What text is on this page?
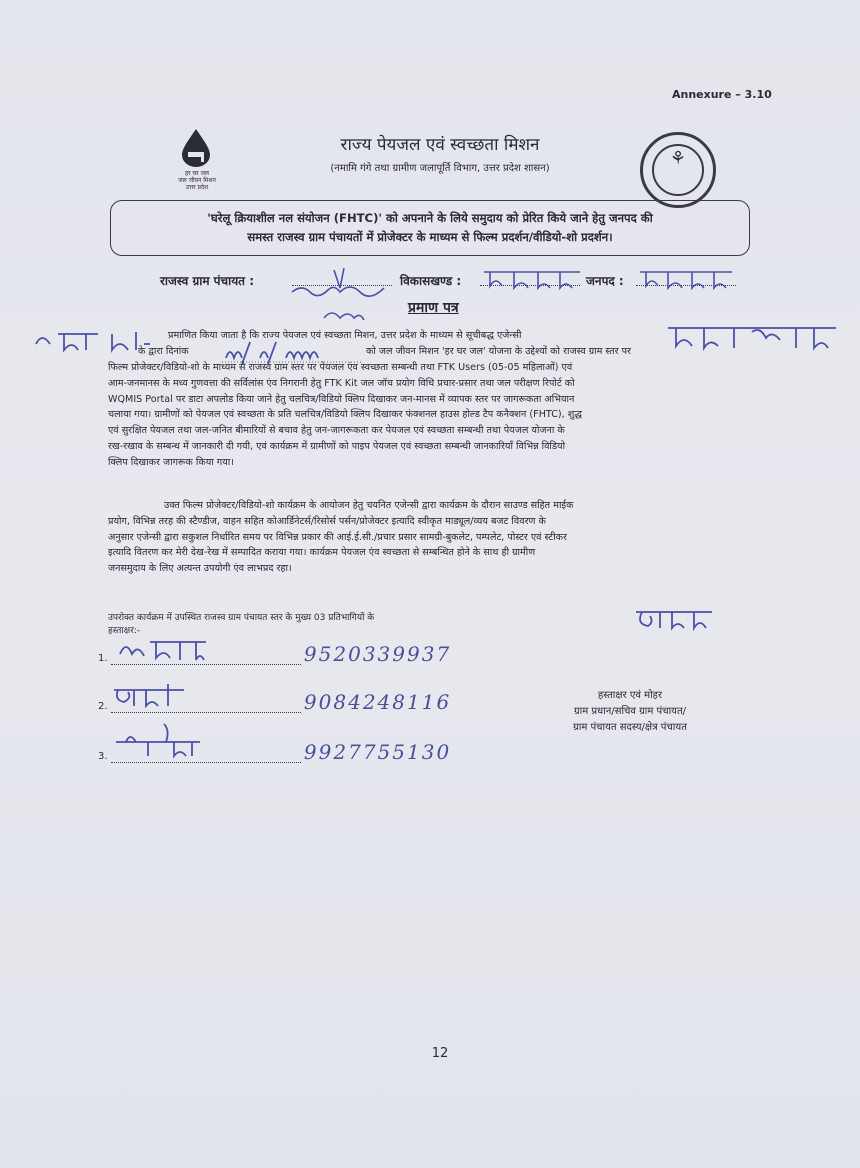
Annexure – 3.10
हर घर जल
जल जीवन मिशन
उत्तर प्रदेश
राज्य पेयजल एवं स्वच्छता मिशन
(नमामि गंगे तथा ग्रामीण जलापूर्ति विभाग, उत्तर प्रदेश शासन)	⚘
'घरेलू क्रियाशील नल संयोजन (FHTC)' को अपनाने के लिये समुदाय को प्रेरित किये जाने हेतु जनपद की
समस्त राजस्व ग्राम पंचायतों में प्रोजेक्टर के माध्यम से फिल्म प्रदर्शन/वीडियो-शो प्रदर्शन।
राजस्व ग्राम पंचायत :	विकासखण्ड :	जनपद :
प्रमाण पत्र
प्रमाणित किया जाता है कि राज्य पेयजल एवं स्वच्छता मिशन, उत्तर प्रदेश के माध्यम से सूचीबद्ध एजेन्सी
के द्वारा दिनांक	को जल जीवन मिशन 'हर घर जल' योजना के उद्देश्यों को राजस्व ग्राम स्तर पर
फिल्म प्रोजेक्टर/विडियो-शो के माध्यम से राजस्व ग्राम स्तर पर पेयजल एंव स्वच्छता सम्बन्धी तथा FTK Users (05-05 महिलाओं) एवं
आम-जनमानस के मध्य गुणवत्ता की सर्विलांस एंव निगरानी हेतु FTK Kit जल जॉच प्रयोग विधि प्रचार-प्रसार तथा जल परीक्षण रिपोर्ट को
WQMIS Portal पर डाटा अपलोड किया जाने हेतु चलचित्र/विडियो क्लिप दिखाकर जन-मानस में व्यापक स्तर पर जागरूकता अभियान
चलाया गया। ग्रामीणों को पेयजल एवं स्वच्छता के प्रति चलचित्र/विडियो क्लिप दिखाकर फंक्शनल हाउस होल्ड टैप कनैक्शन (FHTC), शुद्ध
एवं सुरक्षित पेयजल तथा जल-जनित बीमारियों से बचाव हेतु जन-जागरूकता कर पेयजल एवं स्वच्छता सम्बन्धी तथा पेयजल योजना के
रख-रखाव के सम्बन्ध में जानकारी दी गयी, एवं कार्यक्रम में ग्रामीणों को पाइप पेयजल एवं स्वच्छता सम्बन्धी जानकारियाँ विभिन्न विडियो
क्लिप दिखाकर जागरूक किया गया।
उक्त फिल्म प्रोजेक्टर/विडियो-शो कार्यक्रम के आयोजन हेतु चयनित एजेन्सी द्वारा कार्यक्रम के दौरान साउण्ड सहित माईक
प्रयोग, विभिन्न तरह की स्टैण्डीज, वाहन सहित कोआर्डिनेटर्स/रिसोर्स पर्सन/प्रोजेक्टर इत्यादि स्वीकृत माड्यूल/व्यय बजट विवरण के
अनुसार एजेन्सी द्वारा सकुशल निर्धारित समय पर विभिन्न प्रकार की आई.ई.सी./प्रचार प्रसार सामग्री-बुकलेट, पम्पलेट, पोस्टर एवं स्टीकर
इत्यादि वितरण कर मेरी देख-रेख में सम्पादित कराया गया। कार्यक्रम पेयजल एंव स्वच्छता से सम्बन्धित होने के साथ ही ग्रामीण
जनसमुदाय के लिए अत्यन्त उपयोगी एंव लाभप्रद रहा।
उपरोक्त कार्यक्रम में उपस्थित राजस्व ग्राम पंचायत स्तर के मुख्य 03 प्रतिभागियों के
हस्ताक्षर:-
1.	9520339937
2.	9084248116
3.	9927755130
हस्ताक्षर एवं मोहर
ग्राम प्रधान/सचिव ग्राम पंचायत/
ग्राम पंचायत सदस्य/क्षेत्र पंचायत
12
